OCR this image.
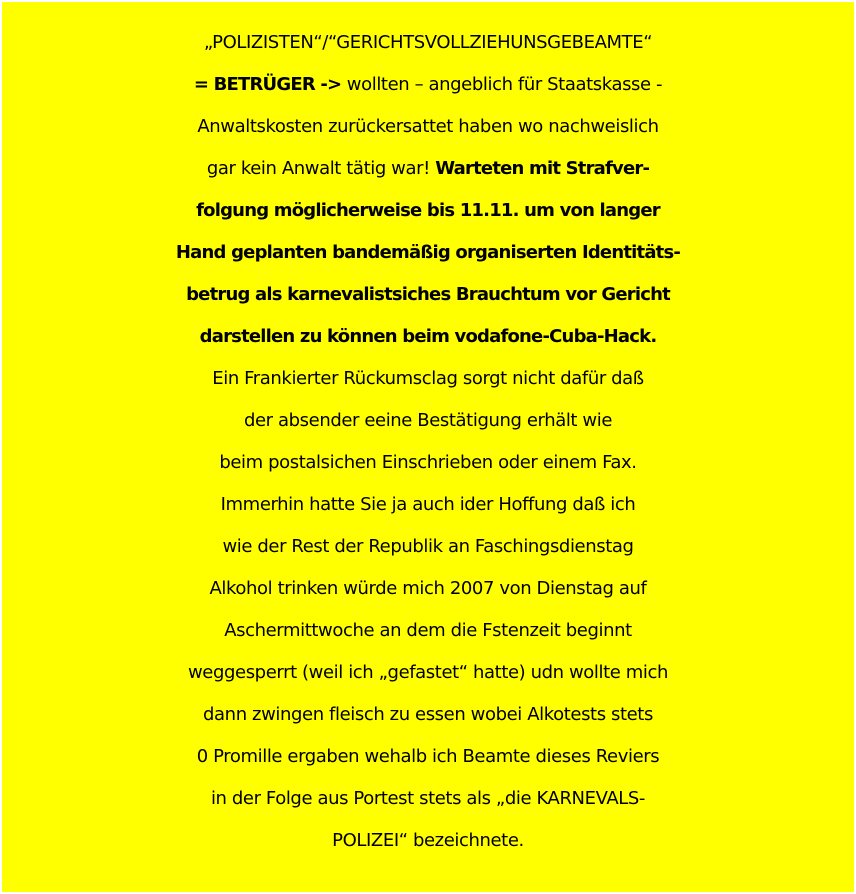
„POLIZISTEN“/“GERICHTSVOLLZIEHUNSGEBEAMTE“
= BETRÜGER -> wollten – angeblich für Staatskasse -
Anwaltskosten zurückersattet haben wo nachweislich
gar kein Anwalt tätig war! Warteten mit Strafver-
folgung möglicherweise bis 11.11. um von langer
Hand geplanten bandemäßig organiserten Identitäts-
betrug als karnevalistsiches Brauchtum vor Gericht
darstellen zu können beim vodafone-Cuba-Hack.
Ein Frankierter Rückumsclag sorgt nicht dafür daß
der absender eeine Bestätigung erhält wie
beim postalsichen Einschrieben oder einem Fax.
Immerhin hatte Sie ja auch ider Hoffung daß ich
wie der Rest der Republik an Faschingsdienstag
Alkohol trinken würde mich 2007 von Dienstag auf
Aschermittwoche an dem die Fstenzeit beginnt
weggesperrt (weil ich „gefastet“ hatte) udn wollte mich
dann zwingen fleisch zu essen wobei Alkotests stets
0 Promille ergaben wehalb ich Beamte dieses Reviers
in der Folge aus Portest stets als „die KARNEVALS-
POLIZEI“ bezeichnete.
